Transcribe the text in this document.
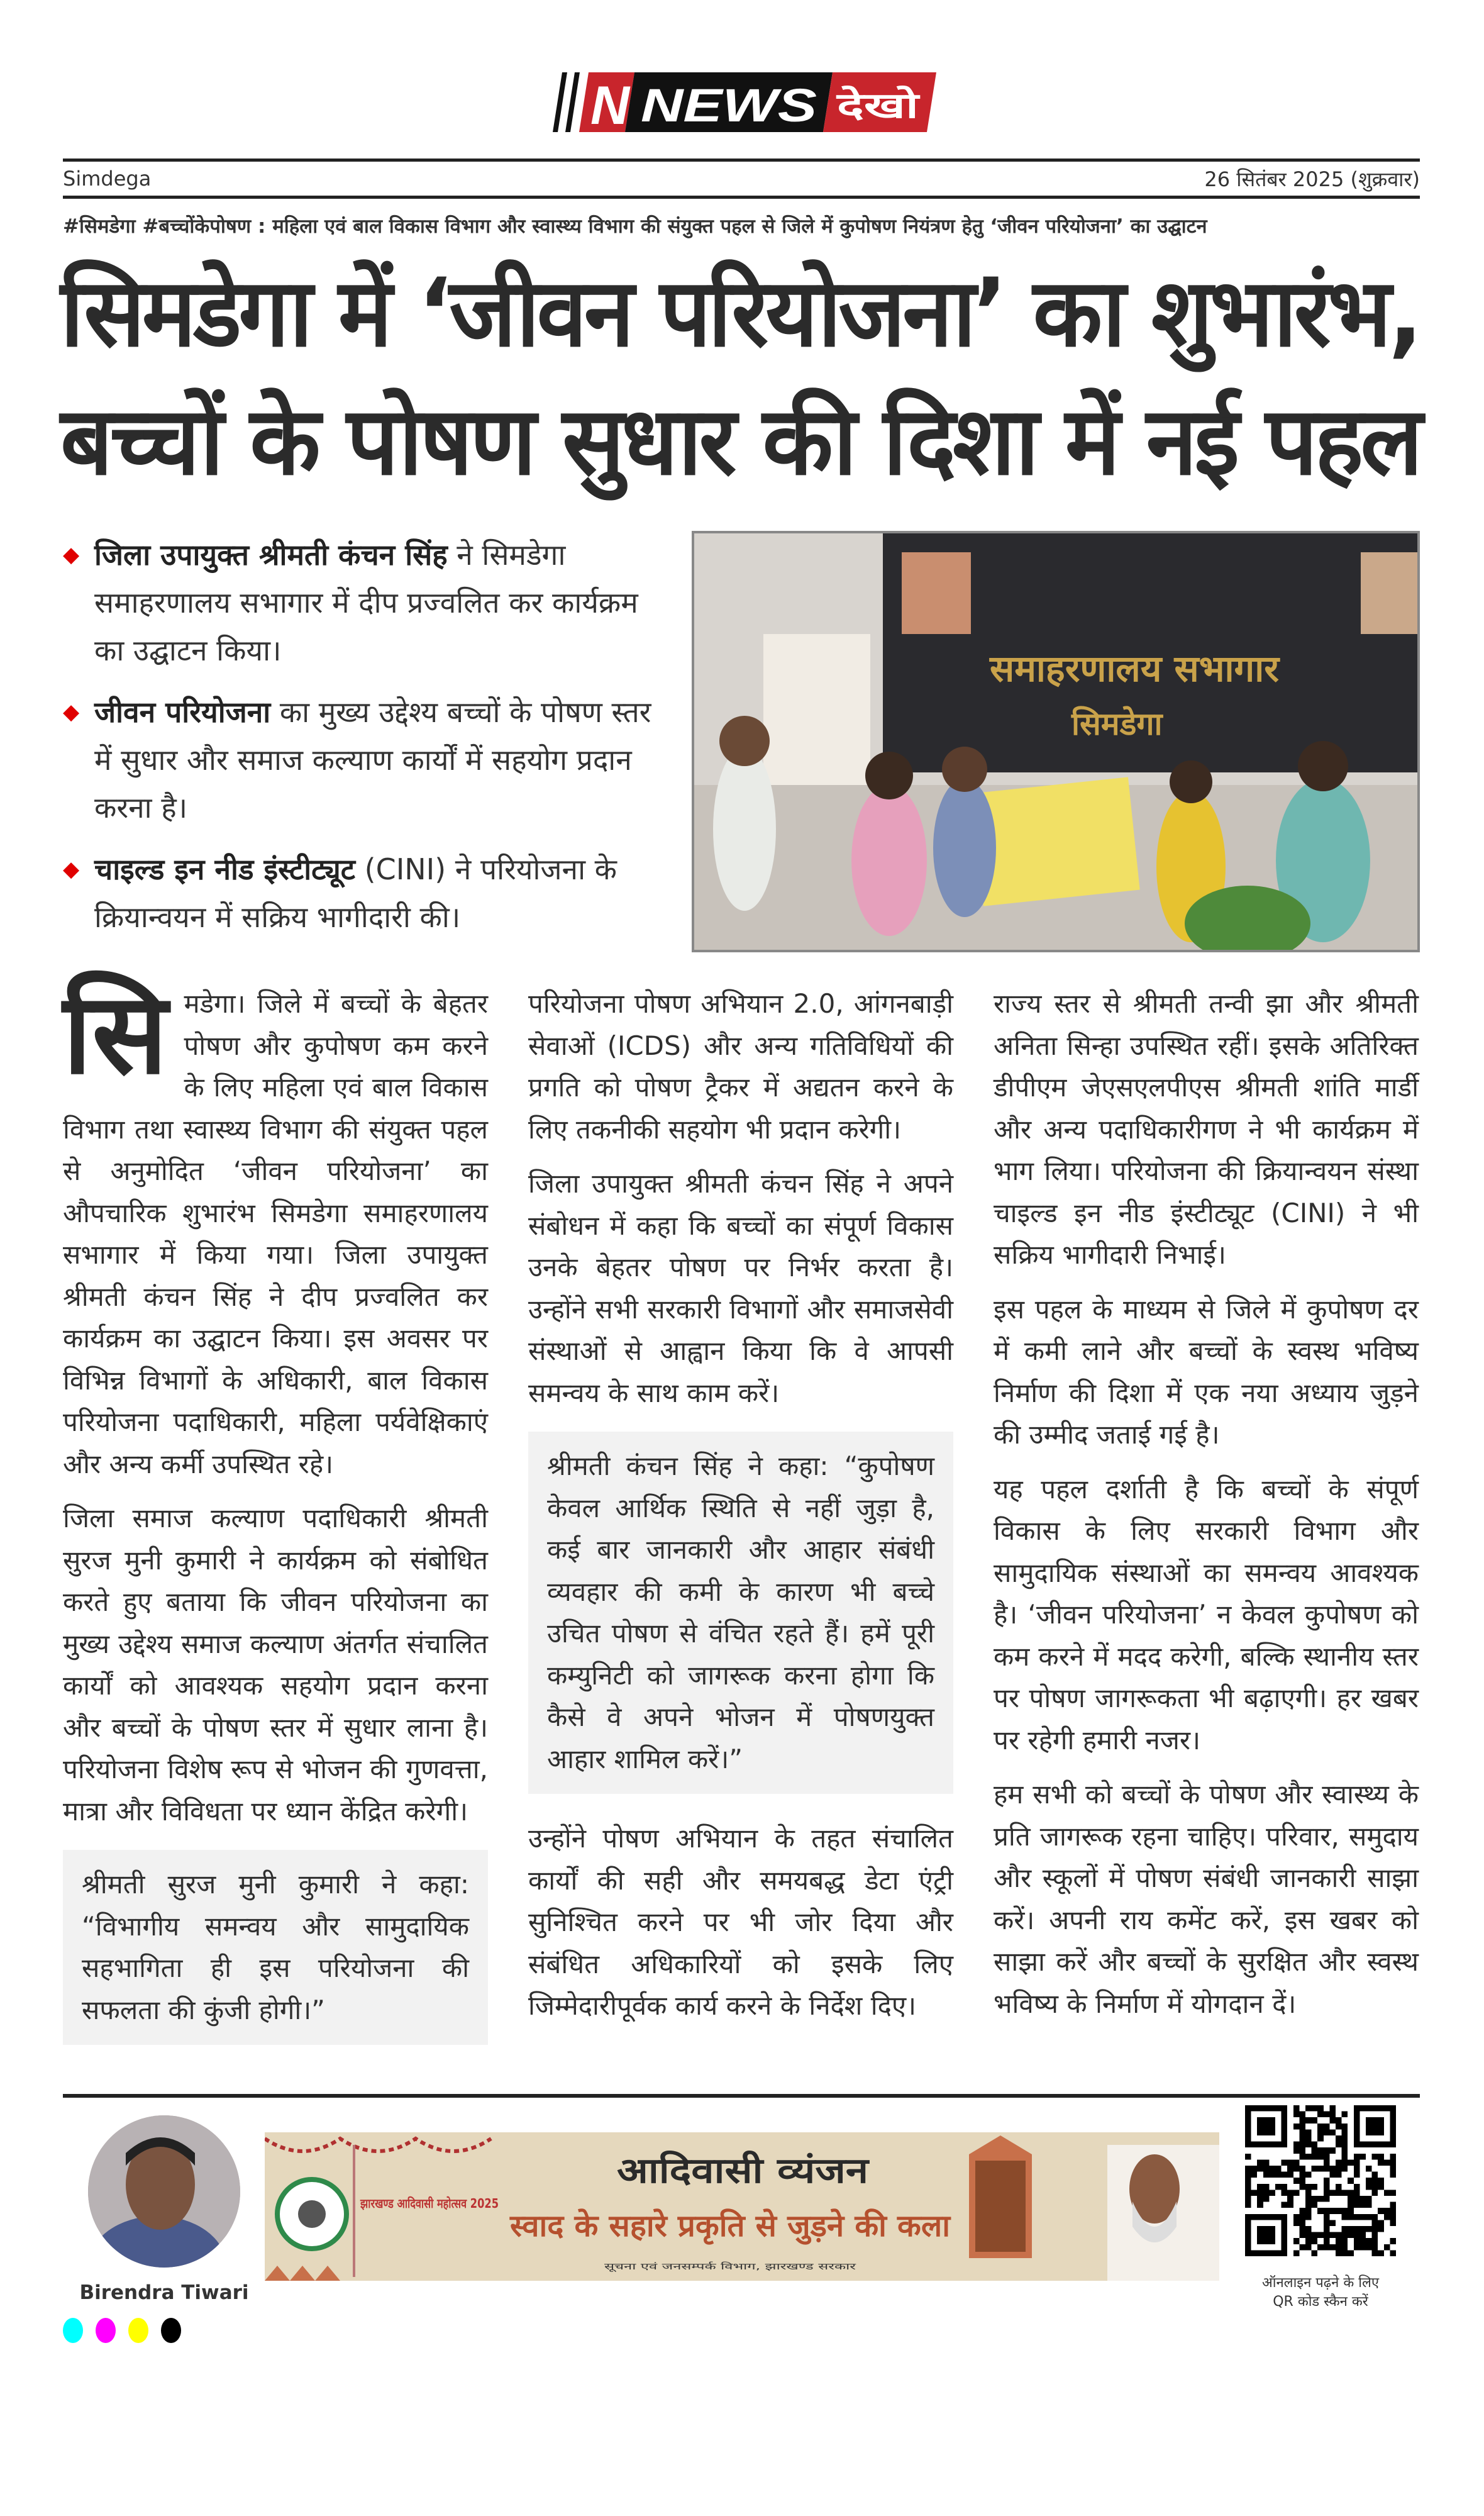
N NEWS देखो
Simdega	26 सितंबर 2025 (शुक्रवार)
#सिमडेगा #बच्चोंकेपोषण : महिला एवं बाल विकास विभाग और स्वास्थ्य विभाग की संयुक्त पहल से जिले में कुपोषण नियंत्रण हेतु ‘जीवन परियोजना’ का उद्घाटन
सिमडेगा में ‘जीवन परियोजना’ का शुभारंभ,
बच्चों के पोषण सुधार की दिशा में नई पहल
◆ जिला उपायुक्त श्रीमती कंचन सिंह ने सिमडेगा समाहरणालय सभागार में दीप प्रज्वलित कर कार्यक्रम का उद्घाटन किया।
◆ जीवन परियोजना का मुख्य उद्देश्य बच्चों के पोषण स्तर में सुधार और समाज कल्याण कार्यों में सहयोग प्रदान करना है।
◆ चाइल्ड इन नीड इंस्टीट्यूट (CINI) ने परियोजना के क्रियान्वयन में सक्रिय भागीदारी की।
समाहरणालय सभागार
सिमडेगा

सिमडेगा। जिले में बच्चों के बेहतर पोषण और कुपोषण कम करने के लिए महिला एवं बाल विकास विभाग तथा स्वास्थ्य विभाग की संयुक्त पहल से अनुमोदित ‘जीवन परियोजना’ का औपचारिक शुभारंभ सिमडेगा समाहरणालय सभागार में किया गया। जिला उपायुक्त श्रीमती कंचन सिंह ने दीप प्रज्वलित कर कार्यक्रम का उद्घाटन किया। इस अवसर पर विभिन्न विभागों के अधिकारी, बाल विकास परियोजना पदाधिकारी, महिला पर्यवेक्षिकाएं और अन्य कर्मी उपस्थित रहे।

जिला समाज कल्याण पदाधिकारी श्रीमती सुरज मुनी कुमारी ने कार्यक्रम को संबोधित करते हुए बताया कि जीवन परियोजना का मुख्य उद्देश्य समाज कल्याण अंतर्गत संचालित कार्यों को आवश्यक सहयोग प्रदान करना और बच्चों के पोषण स्तर में सुधार लाना है। परियोजना विशेष रूप से भोजन की गुणवत्ता, मात्रा और विविधता पर ध्यान केंद्रित करेगी।

श्रीमती सुरज मुनी कुमारी ने कहा: “विभागीय समन्वय और सामुदायिक सहभागिता ही इस परियोजना की सफलता की कुंजी होगी।”

परियोजना पोषण अभियान 2.0, आंगनबाड़ी सेवाओं (ICDS) और अन्य गतिविधियों की प्रगति को पोषण ट्रैकर में अद्यतन करने के लिए तकनीकी सहयोग भी प्रदान करेगी।

जिला उपायुक्त श्रीमती कंचन सिंह ने अपने संबोधन में कहा कि बच्चों का संपूर्ण विकास उनके बेहतर पोषण पर निर्भर करता है। उन्होंने सभी सरकारी विभागों और समाजसेवी संस्थाओं से आह्वान किया कि वे आपसी समन्वय के साथ काम करें।

श्रीमती कंचन सिंह ने कहा: “कुपोषण केवल आर्थिक स्थिति से नहीं जुड़ा है, कई बार जानकारी और आहार संबंधी व्यवहार की कमी के कारण भी बच्चे उचित पोषण से वंचित रहते हैं। हमें पूरी कम्युनिटी को जागरूक करना होगा कि कैसे वे अपने भोजन में पोषणयुक्त आहार शामिल करें।”

उन्होंने पोषण अभियान के तहत संचालित कार्यों की सही और समयबद्ध डेटा एंट्री सुनिश्चित करने पर भी जोर दिया और संबंधित अधिकारियों को इसके लिए जिम्मेदारीपूर्वक कार्य करने के निर्देश दिए।

राज्य स्तर से श्रीमती तन्वी झा और श्रीमती अनिता सिन्हा उपस्थित रहीं। इसके अतिरिक्त डीपीएम जेएसएलपीएस श्रीमती शांति मार्डी और अन्य पदाधिकारीगण ने भी कार्यक्रम में भाग लिया। परियोजना की क्रियान्वयन संस्था चाइल्ड इन नीड इंस्टीट्यूट (CINI) ने भी सक्रिय भागीदारी निभाई।

इस पहल के माध्यम से जिले में कुपोषण दर में कमी लाने और बच्चों के स्वस्थ भविष्य निर्माण की दिशा में एक नया अध्याय जुड़ने की उम्मीद जताई गई है।

यह पहल दर्शाती है कि बच्चों के संपूर्ण विकास के लिए सरकारी विभाग और सामुदायिक संस्थाओं का समन्वय आवश्यक है। ‘जीवन परियोजना’ न केवल कुपोषण को कम करने में मदद करेगी, बल्कि स्थानीय स्तर पर पोषण जागरूकता भी बढ़ाएगी। हर खबर पर रहेगी हमारी नजर।

हम सभी को बच्चों के पोषण और स्वास्थ्य के प्रति जागरूक रहना चाहिए। परिवार, समुदाय और स्कूलों में पोषण संबंधी जानकारी साझा करें। अपनी राय कमेंट करें, इस खबर को साझा करें और बच्चों के सुरक्षित और स्वस्थ भविष्य के निर्माण में योगदान दें।

Birendra Tiwari
झारखण्ड आदिवासी महोत्सव 2025
आदिवासी व्यंजन
स्वाद के सहारे प्रकृति से जुड़ने की कला
सूचना एवं जनसम्पर्क विभाग, झारखण्ड सरकार
ऑनलाइन पढ़ने के लिए
QR कोड स्कैन करें
